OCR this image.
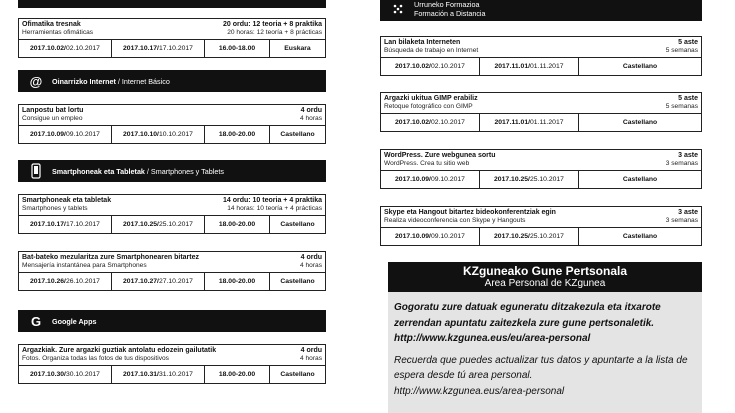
Ofimatika tresnak	20 ordu: 12 teoria + 8 praktika
Herramientas ofimáticas	20 horas: 12 teoría + 8 prácticas
2017.10.02/ 02.10.2017	2017.10.17/ 17.10.2017	16.00-18.00	Euskara
@	Oinarrizko Internet / Internet Básico
Lanpostu bat lortu	4 ordu
Consigue un empleo	4 horas
2017.10.09/ 09.10.2017	2017.10.10/ 10.10.2017	18.00-20.00	Castellano
Smartphoneak eta Tabletak / Smartphones y Tablets
Smartphoneak eta tabletak	14 ordu: 10 teoria + 4 praktika
Smartphones y tablets	14 horas: 10 teoría + 4 prácticas
2017.10.17/ 17.10.2017	2017.10.25/ 25.10.2017	18.00-20.00	Castellano
Bat-bateko mezularitza zure Smartphonearen bitartez	4 ordu
Mensajería instantánea para Smartphones	4 horas
2017.10.26/ 26.10.2017	2017.10.27/ 27.10.2017	18.00-20.00	Castellano
G	Google Apps
Argazkiak. Zure argazki guztiak antolatu edozein gailutatik	4 ordu
Fotos. Organiza todas las fotos de tus dispositivos	4 horas
2017.10.30/ 30.10.2017	2017.10.31/ 31.10.2017	18.00-20.00	Castellano
Urruneko Formazioa
Formación a Distancia
Lan bilaketa Interneten	5 aste
Búsqueda de trabajo en Internet	5 semanas
2017.10.02/ 02.10.2017	2017.11.01/ 01.11.2017	Castellano
Argazki ukitua GIMP erabiliz	5 aste
Retoque fotográfico con GIMP	5 semanas
2017.10.02/ 02.10.2017	2017.11.01/ 01.11.2017	Castellano
WordPress. Zure webgunea sortu	3 aste
WordPress. Crea tu sitio web	3 semanas
2017.10.09/ 09.10.2017	2017.10.25/ 25.10.2017	Castellano
Skype eta Hangout bitartez bideokonferentziak egin	3 aste
Realiza videoconferencia con Skype y Hangouts	3 semanas
2017.10.09/ 09.10.2017	2017.10.25/ 25.10.2017	Castellano
KZguneako Gune Pertsonala
Area Personal de KZgunea
Gogoratu zure datuak eguneratu ditzakezula eta itxarote zerrendan apuntatu zaitezkela zure gune pertsonaletik.
http://www.kzgunea.eus/eu/area-personal
Recuerda que puedes actualizar tus datos y apuntarte a la lista de espera desde tú area personal.
http://www.kzgunea.eus/area-personal
